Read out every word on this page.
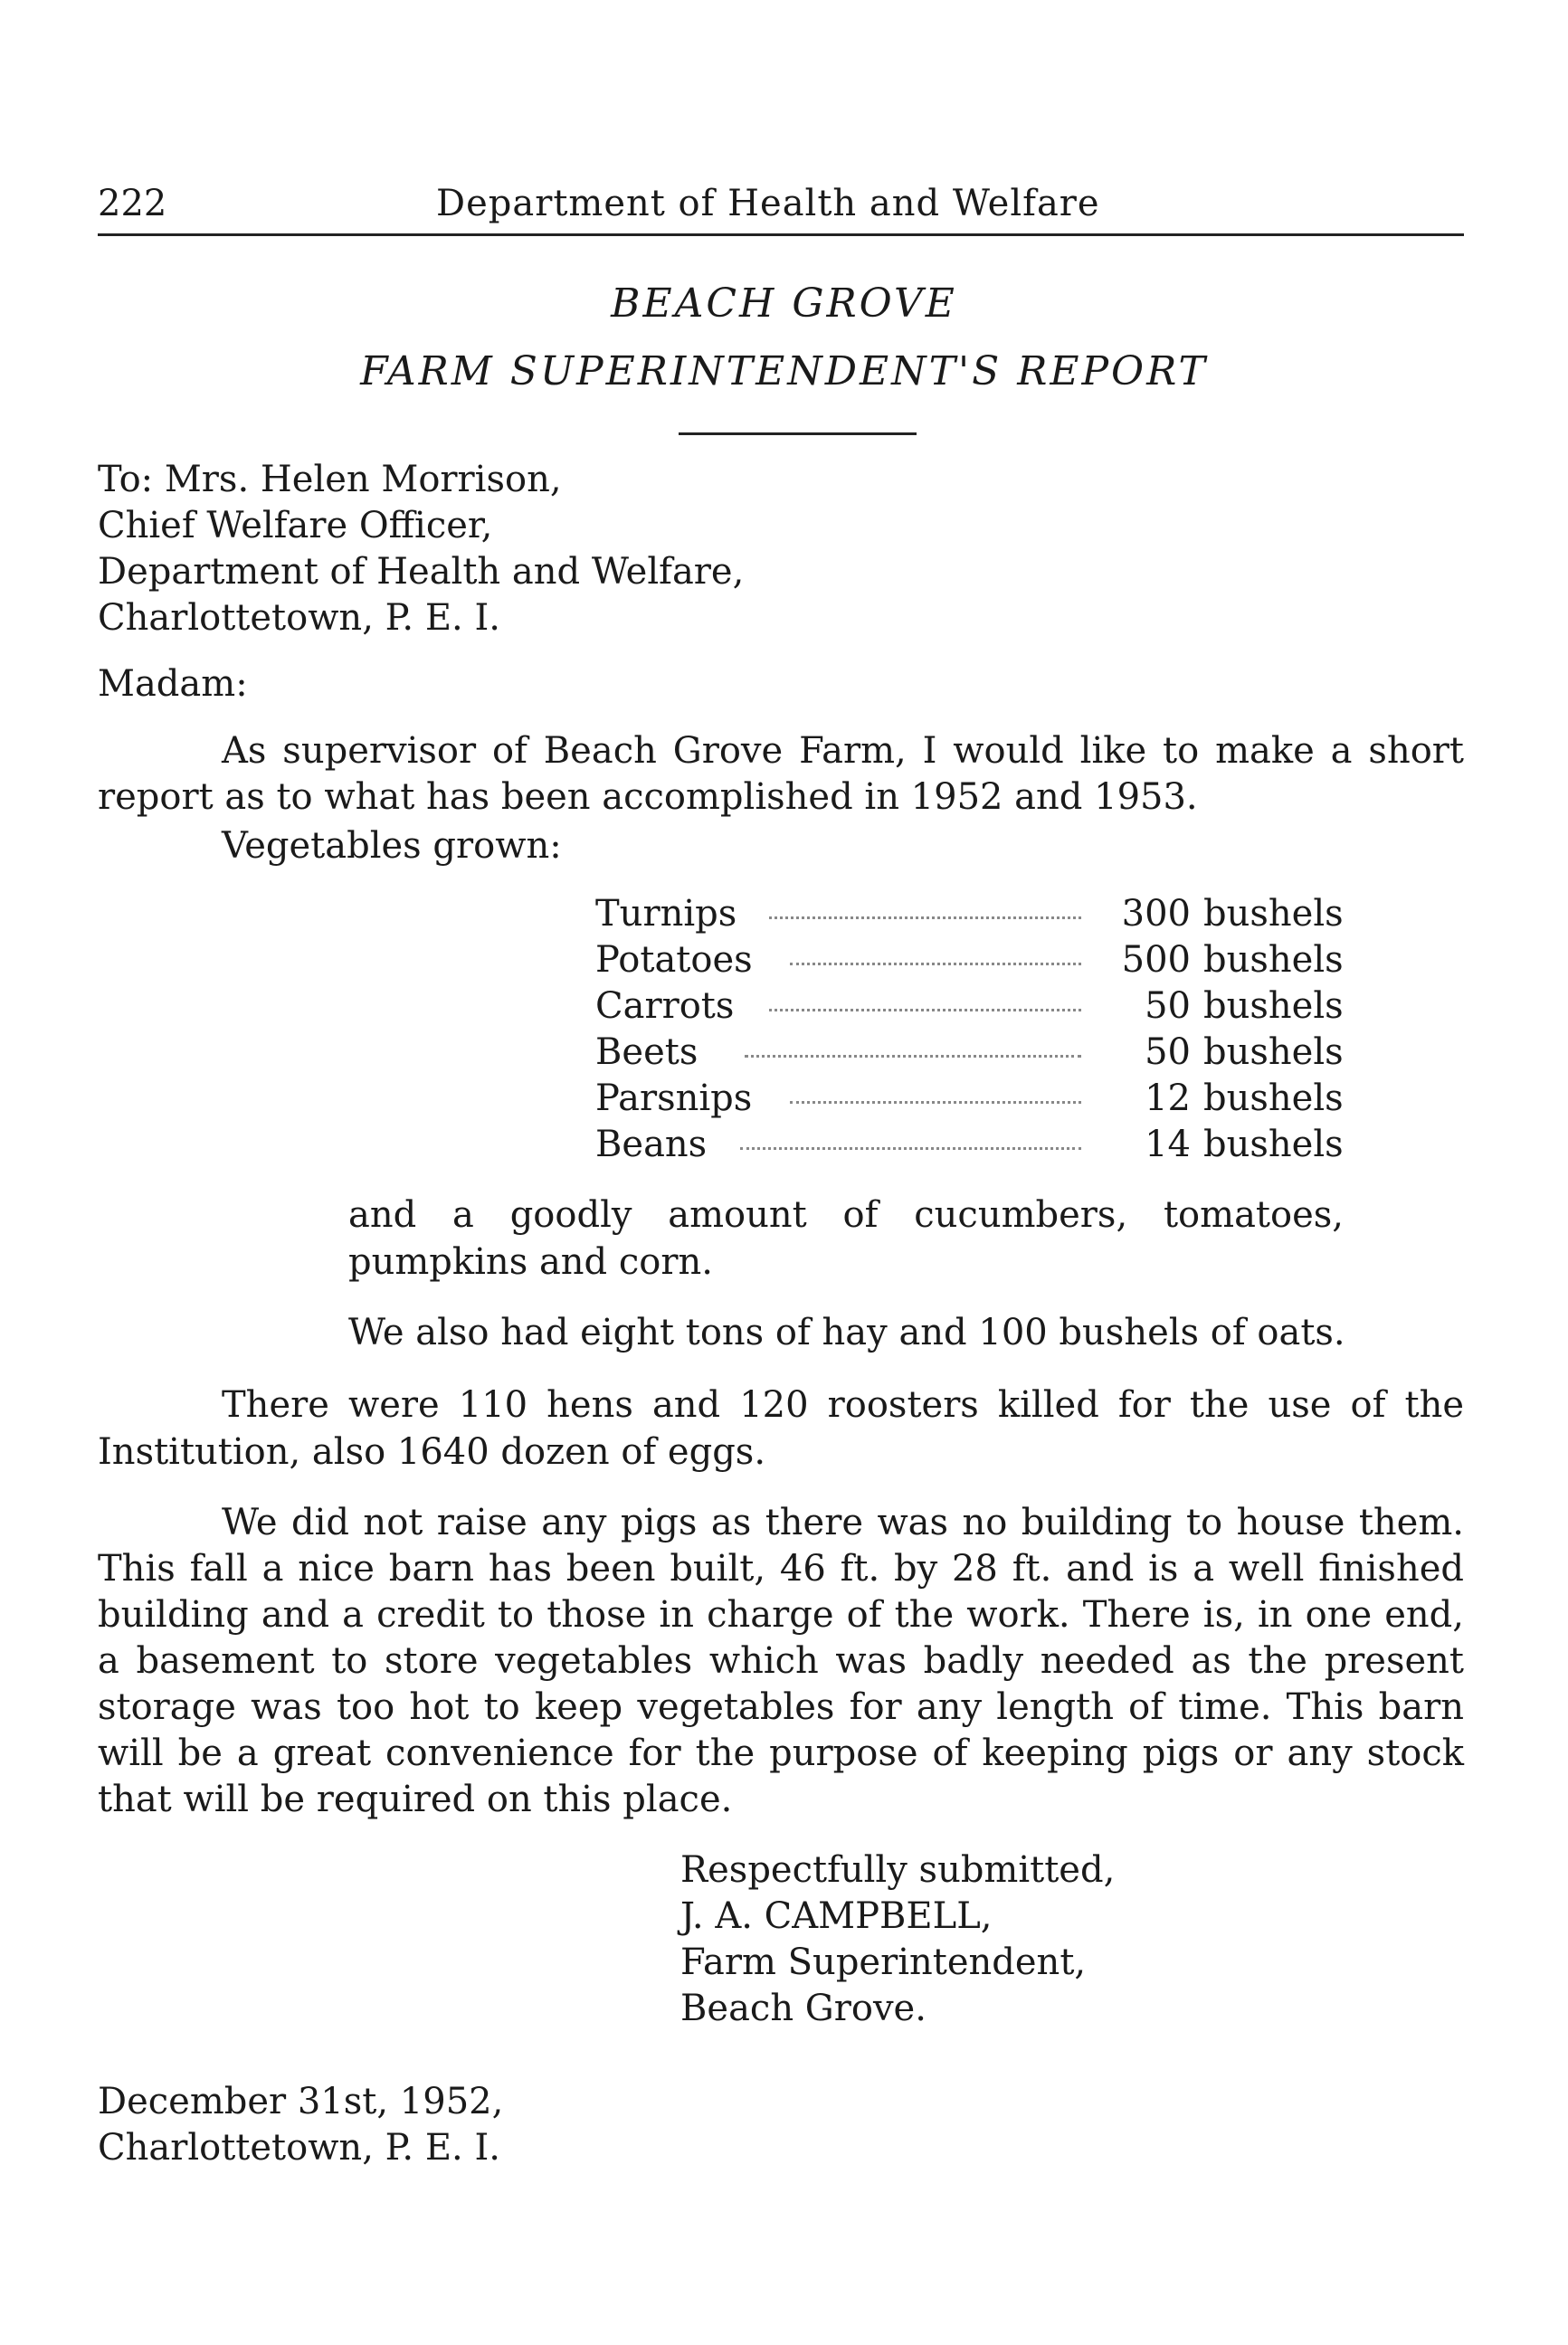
222	Department of Health and Welfare
BEACH GROVE
FARM SUPERINTENDENT'S REPORT
To: Mrs. Helen Morrison,
Chief Welfare Officer,
Department of Health and Welfare,
Charlottetown, P. E. I.
Madam:
As supervisor of Beach Grove Farm, I would like to make a short
report as to what has been accomplished in 1952 and 1953.
Vegetables grown:
Turnips	300 bushels
Potatoes	500 bushels
Carrots	50 bushels
Beets	50 bushels
Parsnips	12 bushels
Beans	14 bushels
and a goodly amount of cucumbers, tomatoes,
pumpkins and corn.
We also had eight tons of hay and 100 bushels of oats.
There were 110 hens and 120 roosters killed for the use of the
Institution, also 1640 dozen of eggs.
We did not raise any pigs as there was no building to house them.
This fall a nice barn has been built, 46 ft. by 28 ft. and is a well finished
building and a credit to those in charge of the work. There is, in one end,
a basement to store vegetables which was badly needed as the present
storage was too hot to keep vegetables for any length of time. This barn
will be a great convenience for the purpose of keeping pigs or any stock
that will be required on this place.
Respectfully submitted,
J. A. CAMPBELL,
Farm Superintendent,
Beach Grove.
December 31st, 1952,
Charlottetown, P. E. I.
